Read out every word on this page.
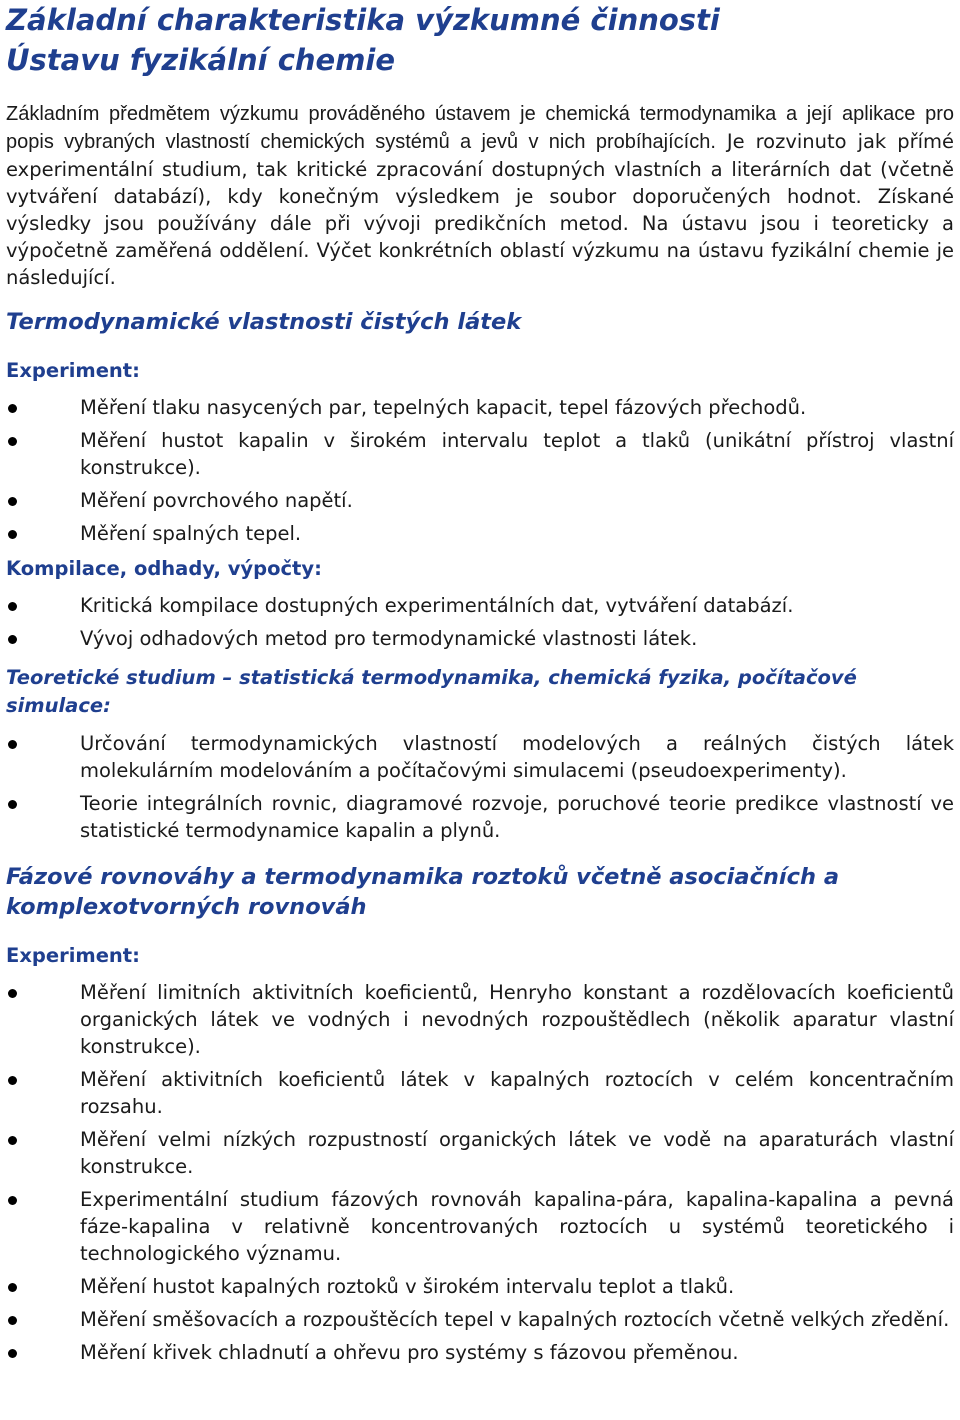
Základní charakteristika výzkumné činnosti
Ústavu fyzikální chemie

Základním předmětem výzkumu prováděného ústavem je chemická termodynamika a její aplikace pro popis vybraných vlastností chemických systémů a jevů v nich probíhajících. Je rozvinuto jak přímé experimentální studium, tak kritické zpracování dostupných vlastních a literárních dat (včetně vytváření databází), kdy konečným výsledkem je soubor doporučených hodnot. Získané výsledky jsou používány dále při vývoji predikčních metod. Na ústavu jsou i teoreticky a výpočetně zaměřená oddělení. Výčet konkrétních oblastí výzkumu na ústavu fyzikální chemie je následující.

Termodynamické vlastnosti čistých látek
Experiment:
Měření tlaku nasycených par, tepelných kapacit, tepel fázových přechodů.
Měření hustot kapalin v širokém intervalu teplot a tlaků (unikátní přístroj vlastní konstrukce).
Měření povrchového napětí.
Měření spalných tepel.
Kompilace, odhady, výpočty:
Kritická kompilace dostupných experimentálních dat, vytváření databází.
Vývoj odhadových metod pro termodynamické vlastnosti látek.
Teoretické studium – statistická termodynamika, chemická fyzika, počítačové simulace:
Určování termodynamických vlastností modelových a reálných čistých látek molekulárním modelováním a počítačovými simulacemi (pseudoexperimenty).
Teorie integrálních rovnic, diagramové rozvoje, poruchové teorie predikce vlastností ve statistické termodynamice kapalin a plynů.
Fázové rovnováhy a termodynamika roztoků včetně asociačních a komplexotvorných rovnováh
Experiment:
Měření limitních aktivitních koeficientů, Henryho konstant a rozdělovacích koeficientů organických látek ve vodných i nevodných rozpouštědlech (několik aparatur vlastní konstrukce).
Měření aktivitních koeficientů látek v kapalných roztocích v celém koncentračním rozsahu.
Měření velmi nízkých rozpustností organických látek ve vodě na aparaturách vlastní konstrukce.
Experimentální studium fázových rovnováh kapalina-pára, kapalina-kapalina a pevná fáze-kapalina v relativně koncentrovaných roztocích u systémů teoretického i technologického významu.
Měření hustot kapalných roztoků v širokém intervalu teplot a tlaků.
Měření směšovacích a rozpouštěcích tepel v kapalných roztocích včetně velkých zředění.
Měření křivek chladnutí a ohřevu pro systémy s fázovou přeměnou.
